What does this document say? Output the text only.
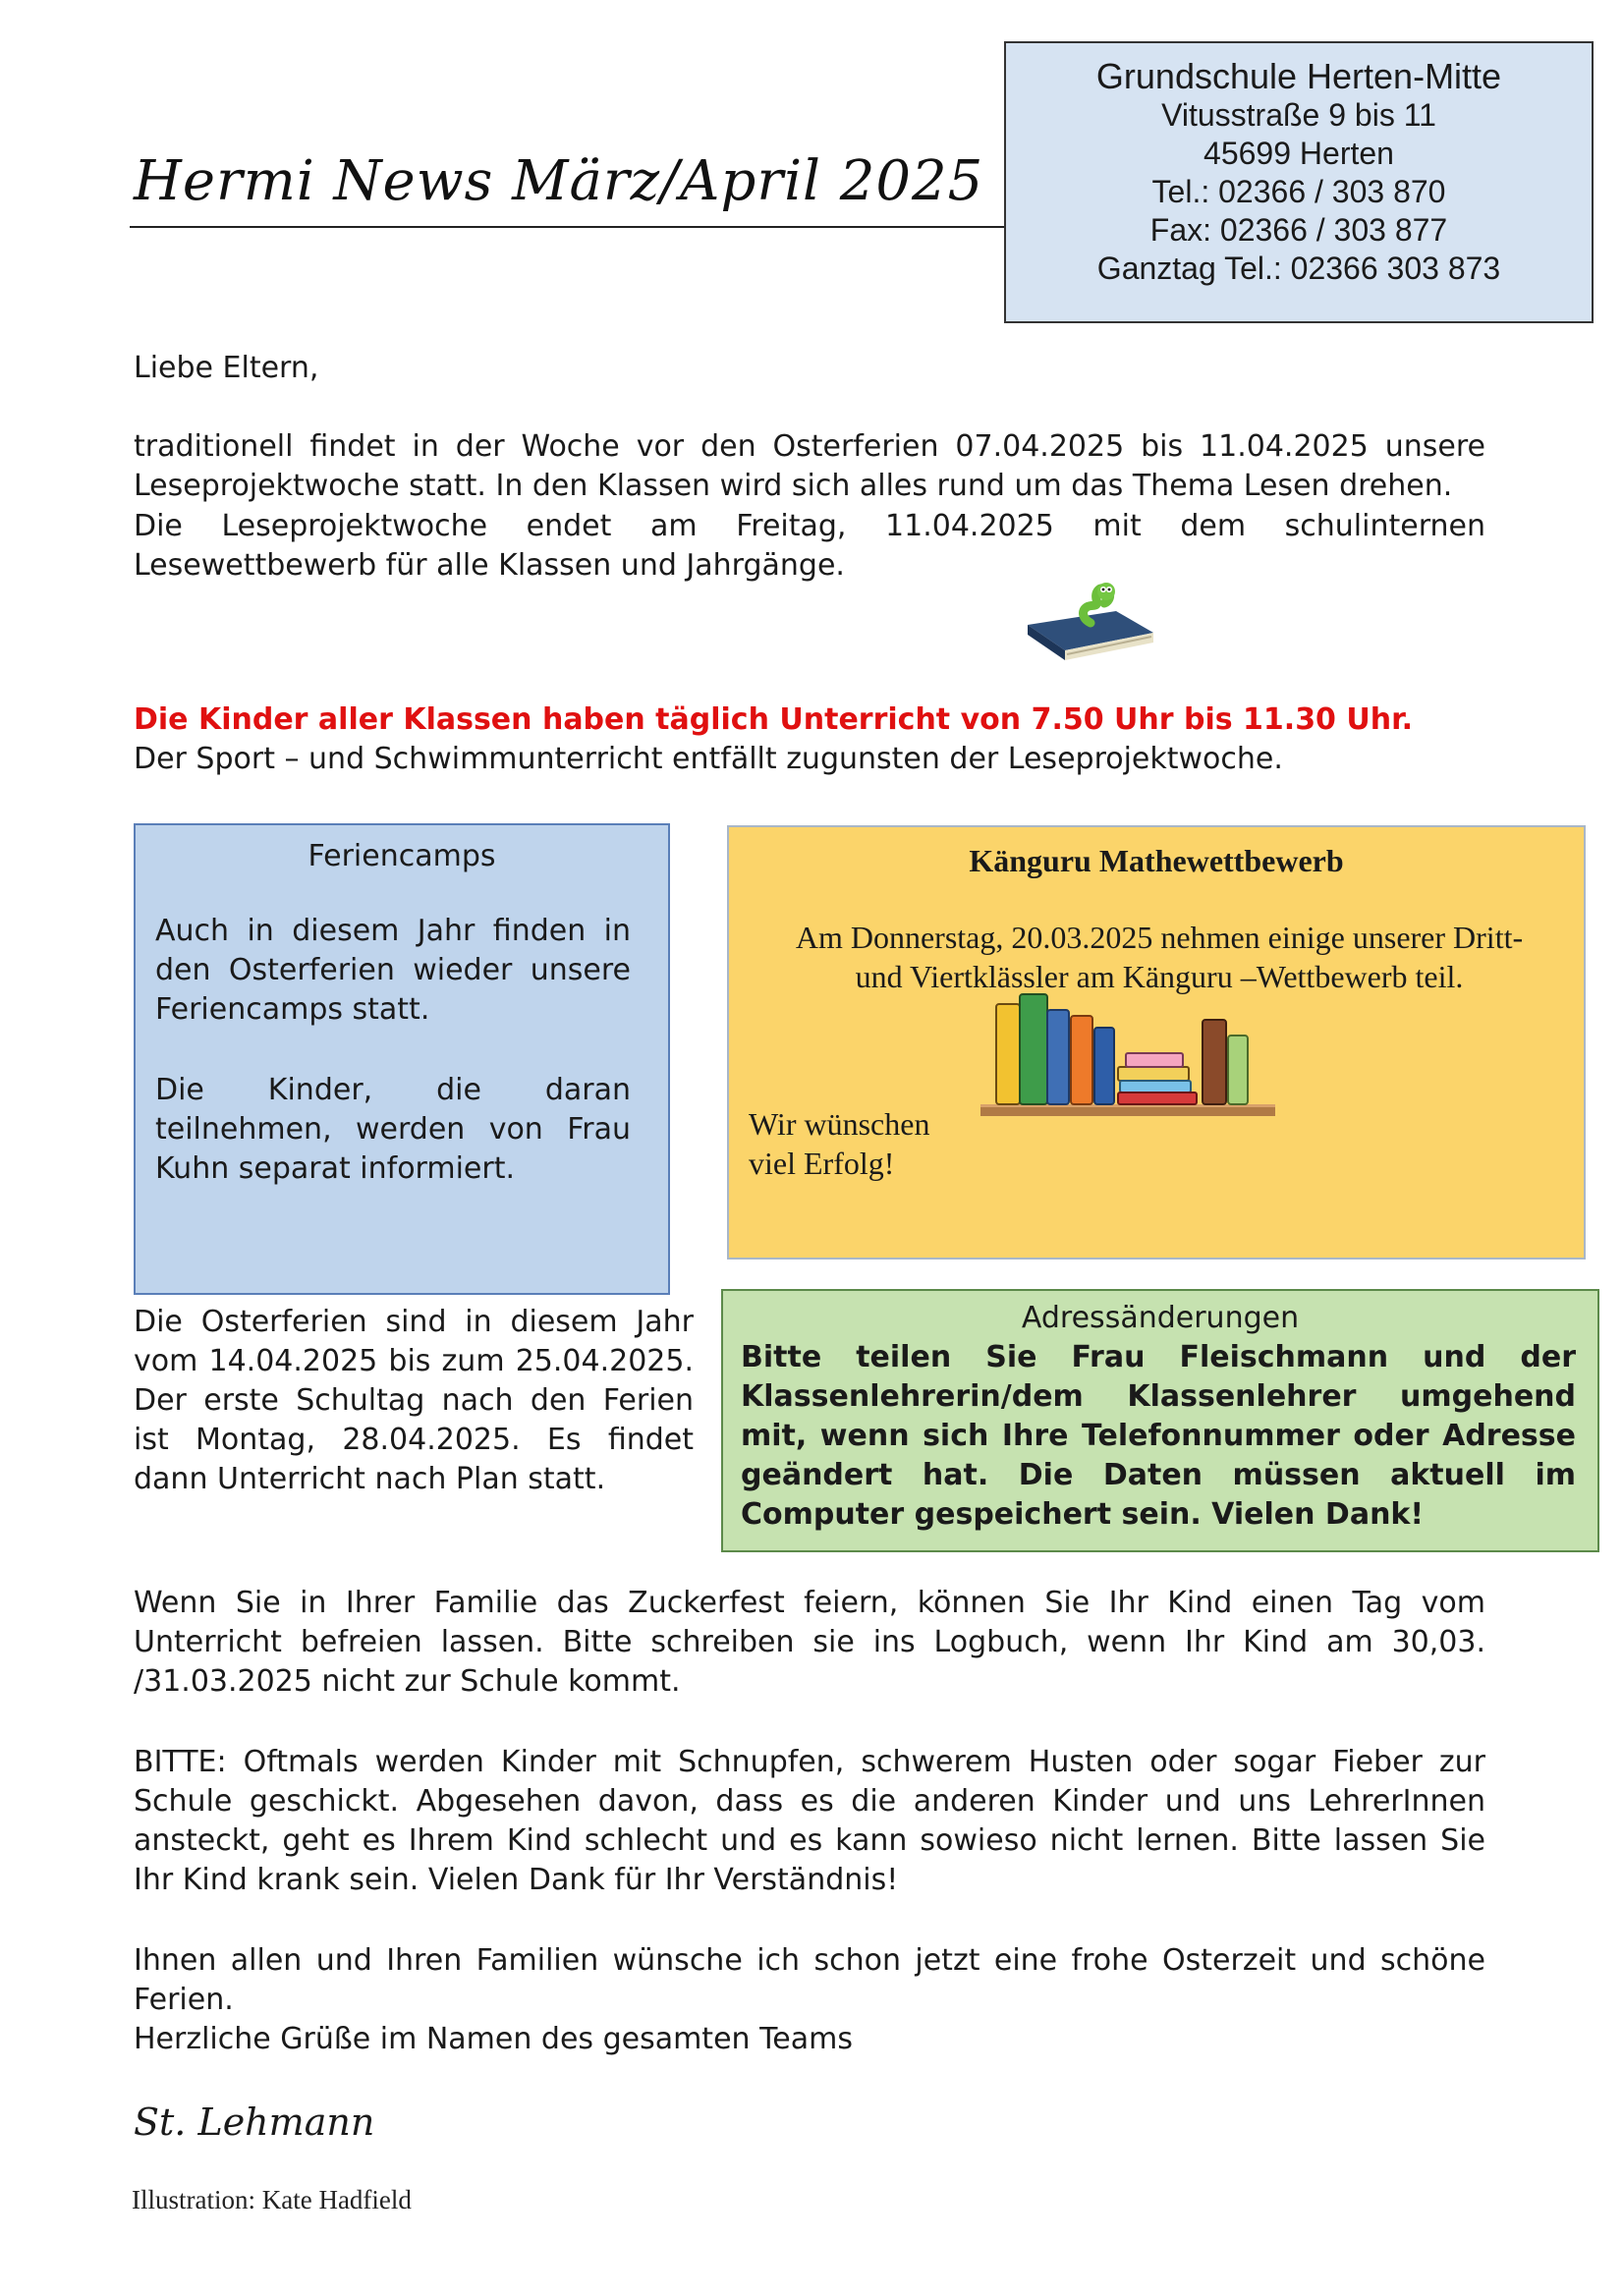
Hermi News März/April 2025
Grundschule Herten-Mitte
Vitusstraße 9 bis 11
45699 Herten
Tel.: 02366 / 303 870
Fax: 02366 / 303 877
Ganztag Tel.: 02366 303 873
Liebe Eltern,
traditionell findet in der Woche vor den Osterferien 07.04.2025 bis 11.04.2025 unsere Leseprojektwoche statt. In den Klassen wird sich alles rund um das Thema Lesen drehen.
Die Leseprojektwoche endet am Freitag, 11.04.2025 mit dem schulinternen Lesewettbewerb für alle Klassen und Jahrgänge.
Die Kinder aller Klassen haben täglich Unterricht von 7.50 Uhr bis 11.30 Uhr.
Der Sport – und Schwimmunterricht entfällt zugunsten der Leseprojektwoche.
Feriencamps
Auch in diesem Jahr finden in den Osterferien wieder unsere Feriencamps statt.
Die Kinder, die daran teilnehmen, werden von Frau Kuhn separat informiert.
Känguru Mathewettbewerb
Am Donnerstag, 20.03.2025 nehmen einige unserer Dritt- und Viertklässler am Känguru –Wettbewerb teil.
Wir wünschen viel Erfolg!
Die Osterferien sind in diesem Jahr vom 14.04.2025 bis zum 25.04.2025. Der erste Schultag nach den Ferien ist Montag, 28.04.2025. Es findet dann Unterricht nach Plan statt.
Adressänderungen
Bitte teilen Sie Frau Fleischmann und der Klassenlehrerin/dem Klassenlehrer umgehend mit, wenn sich Ihre Telefonnummer oder Adresse geändert hat. Die Daten müssen aktuell im Computer gespeichert sein. Vielen Dank!
Wenn Sie in Ihrer Familie das Zuckerfest feiern, können Sie Ihr Kind einen Tag vom Unterricht befreien lassen. Bitte schreiben sie ins Logbuch, wenn Ihr Kind am 30,03. /31.03.2025 nicht zur Schule kommt.
BITTE: Oftmals werden Kinder mit Schnupfen, schwerem Husten oder sogar Fieber zur Schule geschickt. Abgesehen davon, dass es die anderen Kinder und uns LehrerInnen ansteckt, geht es Ihrem Kind schlecht und es kann sowieso nicht lernen. Bitte lassen Sie Ihr Kind krank sein. Vielen Dank für Ihr Verständnis!
Ihnen allen und Ihren Familien wünsche ich schon jetzt eine frohe Osterzeit und schöne Ferien.
Herzliche Grüße im Namen des gesamten Teams
St. Lehmann
Illustration: Kate Hadfield
